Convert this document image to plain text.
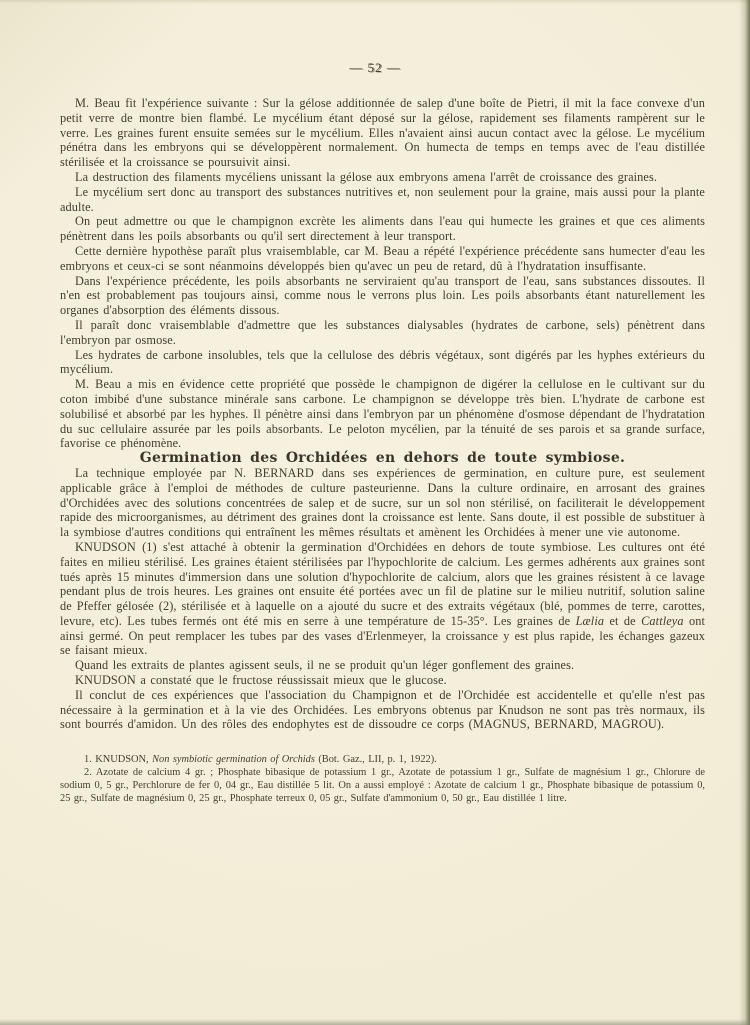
— 52 —

M. Beau fit l'expérience suivante : Sur la gélose additionnée de salep d'une boîte de Pietri, il mit la face convexe d'un petit verre de montre bien flambé. Le mycélium étant déposé sur la gélose, rapidement ses filaments rampèrent sur le verre. Les graines furent ensuite semées sur le mycélium. Elles n'avaient ainsi aucun contact avec la gélose. Le mycélium pénétra dans les embryons qui se développèrent normalement. On humecta de temps en temps avec de l'eau distillée stérilisée et la croissance se poursuivit ainsi.

La destruction des filaments mycéliens unissant la gélose aux embryons amena l'arrêt de croissance des graines.

Le mycélium sert donc au transport des substances nutritives et, non seulement pour la graine, mais aussi pour la plante adulte.

On peut admettre ou que le champignon excrète les aliments dans l'eau qui humecte les graines et que ces aliments pénètrent dans les poils absorbants ou qu'il sert directement à leur transport.

Cette dernière hypothèse paraît plus vraisemblable, car M. Beau a répété l'expérience précédente sans humecter d'eau les embryons et ceux-ci se sont néanmoins développés bien qu'avec un peu de retard, dû à l'hydratation insuffisante.

Dans l'expérience précédente, les poils absorbants ne serviraient qu'au transport de l'eau, sans substances dissoutes. Il n'en est probablement pas toujours ainsi, comme nous le verrons plus loin. Les poils absorbants étant naturellement les organes d'absorption des éléments dissous.

Il paraît donc vraisemblable d'admettre que les substances dialysables (hydrates de carbone, sels) pénètrent dans l'embryon par osmose.

Les hydrates de carbone insolubles, tels que la cellulose des débris végétaux, sont digérés par les hyphes extérieurs du mycélium.

M. Beau a mis en évidence cette propriété que possède le champignon de digérer la cellulose en le cultivant sur du coton imbibé d'une substance minérale sans carbone. Le champignon se développe très bien. L'hydrate de carbone est solubilisé et absorbé par les hyphes. Il pénètre ainsi dans l'embryon par un phénomène d'osmose dépendant de l'hydratation du suc cellulaire assurée par les poils absorbants. Le peloton mycélien, par la ténuité de ses parois et sa grande surface, favorise ce phénomène.

Germination des Orchidées en dehors de toute symbiose.

La technique employée par N. BERNARD dans ses expériences de germination, en culture pure, est seulement applicable grâce à l'emploi de méthodes de culture pasteurienne. Dans la culture ordinaire, en arrosant des graines d'Orchidées avec des solutions concentrées de salep et de sucre, sur un sol non stérilisé, on faciliterait le développement rapide des microorganismes, au détriment des graines dont la croissance est lente. Sans doute, il est possible de substituer à la symbiose d'autres conditions qui entraînent les mêmes résultats et amènent les Orchidées à mener une vie autonome.

KNUDSON (1) s'est attaché à obtenir la germination d'Orchidées en dehors de toute symbiose. Les cultures ont été faites en milieu stérilisé. Les graines étaient stérilisées par l'hypochlorite de calcium. Les germes adhérents aux graines sont tués après 15 minutes d'immersion dans une solution d'hypochlorite de calcium, alors que les graines résistent à ce lavage pendant plus de trois heures. Les graines ont ensuite été portées avec un fil de platine sur le milieu nutritif, solution saline de Pfeffer gélosée (2), stérilisée et à laquelle on a ajouté du sucre et des extraits végétaux (blé, pommes de terre, carottes, levure, etc). Les tubes fermés ont été mis en serre à une température de 15-35°. Les graines de Lælia et de Cattleya ont ainsi germé. On peut remplacer les tubes par des vases d'Erlenmeyer, la croissance y est plus rapide, les échanges gazeux se faisant mieux.

Quand les extraits de plantes agissent seuls, il ne se produit qu'un léger gonflement des graines.

KNUDSON a constaté que le fructose réussissait mieux que le glucose.

Il conclut de ces expériences que l'association du Champignon et de l'Orchidée est accidentelle et qu'elle n'est pas nécessaire à la germination et à la vie des Orchidées. Les embryons obtenus par Knudson ne sont pas très normaux, ils sont bourrés d'amidon. Un des rôles des endophytes est de dissoudre ce corps (MAGNUS, BERNARD, MAGROU).

1. KNUDSON, Non symbiotic germination of Orchids (Bot. Gaz., LII, p. 1, 1922).

2. Azotate de calcium 4 gr. ; Phosphate bibasique de potassium 1 gr., Azotate de potassium 1 gr., Sulfate de magnésium 1 gr., Chlorure de sodium 0, 5 gr., Perchlorure de fer 0, 04 gr., Eau distillée 5 lit. On a aussi employé : Azotate de calcium 1 gr., Phosphate bibasique de potassium 0, 25 gr., Sulfate de magnésium 0, 25 gr., Phosphate terreux 0, 05 gr., Sulfate d'ammonium 0, 50 gr., Eau distillée 1 litre.
